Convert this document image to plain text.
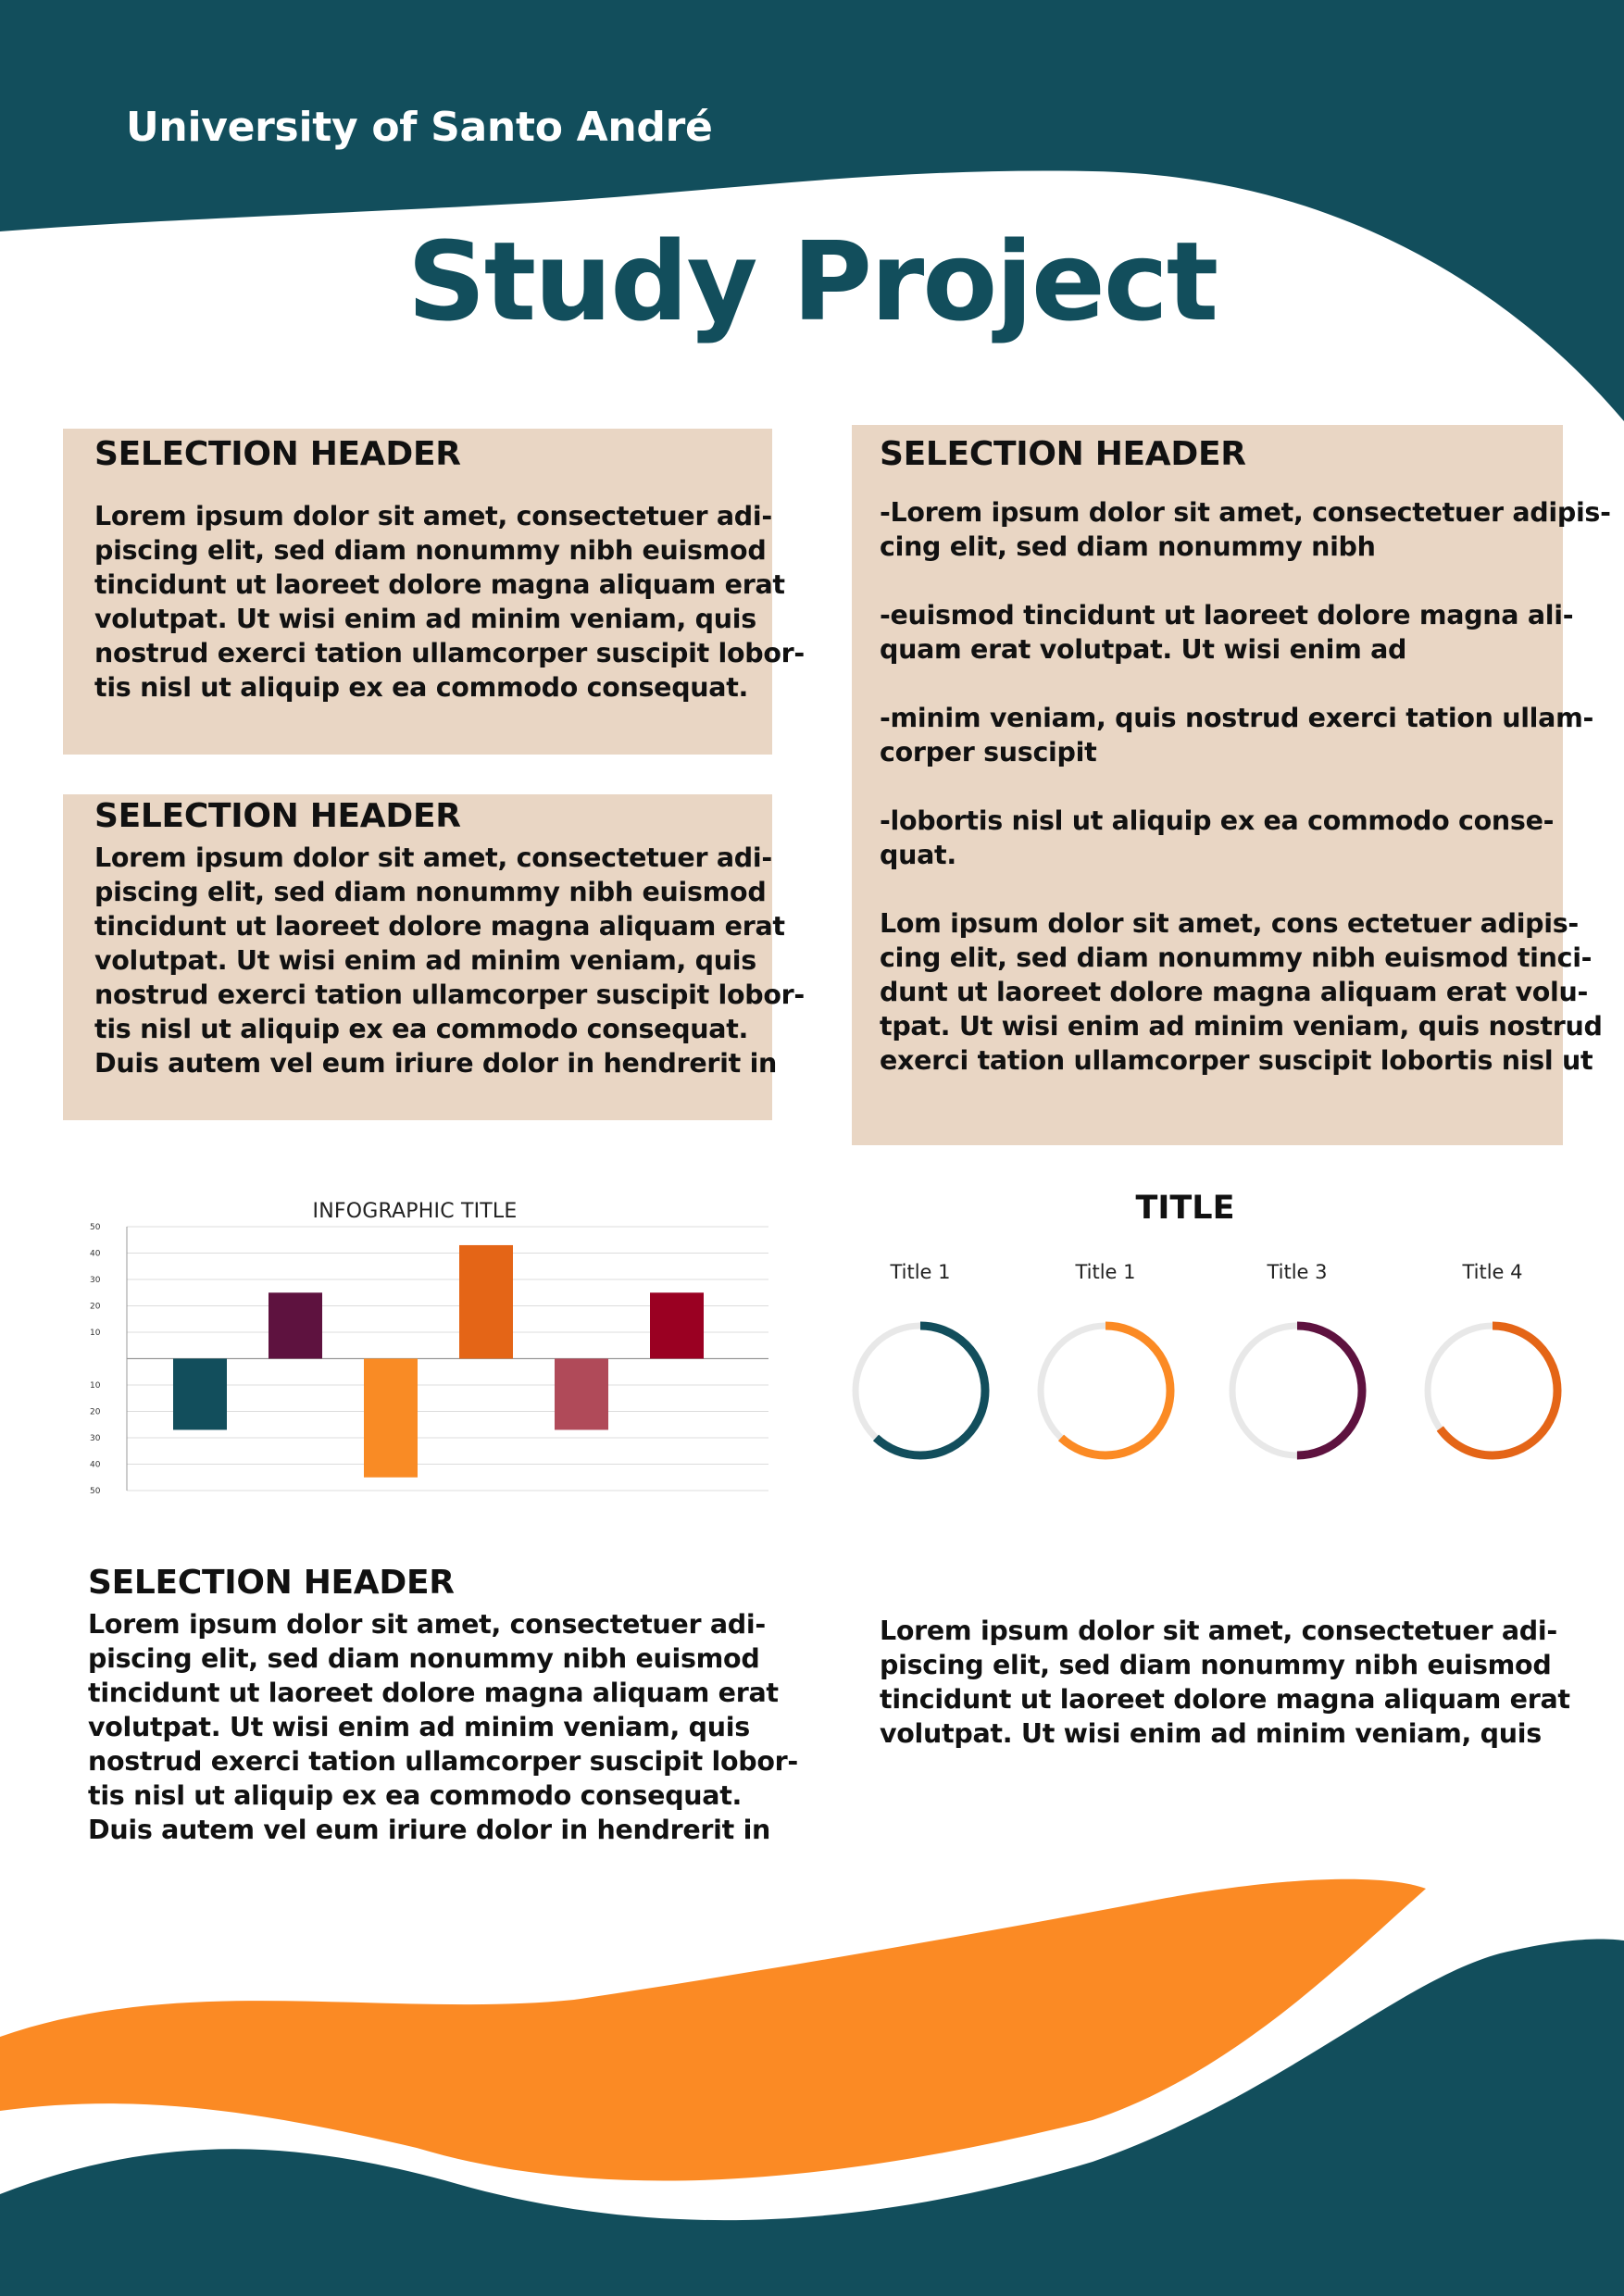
University of Santo André
Study Project
SELECTION HEADER
Lorem ipsum dolor sit amet, consectetuer adi-
piscing elit, sed diam nonummy nibh euismod
tincidunt ut laoreet dolore magna aliquam erat
volutpat. Ut wisi enim ad minim veniam, quis
nostrud exerci tation ullamcorper suscipit lobor-
tis nisl ut aliquip ex ea commodo consequat.
SELECTION HEADER
Lorem ipsum dolor sit amet, consectetuer adi-
piscing elit, sed diam nonummy nibh euismod
tincidunt ut laoreet dolore magna aliquam erat
volutpat. Ut wisi enim ad minim veniam, quis
nostrud exerci tation ullamcorper suscipit lobor-
tis nisl ut aliquip ex ea commodo consequat.
Duis autem vel eum iriure dolor in hendrerit in
SELECTION HEADER
-Lorem ipsum dolor sit amet, consectetuer adipis-
cing elit, sed diam nonummy nibh
-euismod tincidunt ut laoreet dolore magna ali-
quam erat volutpat. Ut wisi enim ad
-minim veniam, quis nostrud exerci tation ullam-
corper suscipit
-lobortis nisl ut aliquip ex ea commodo conse-
quat.
Lom ipsum dolor sit amet, cons ectetuer adipis-
cing elit, sed diam nonummy nibh euismod tinci-
dunt ut laoreet dolore magna aliquam erat volu-
tpat. Ut wisi enim ad minim veniam, quis nostrud
exerci tation ullamcorper suscipit lobortis nisl ut
INFOGRAPHIC TITLE
50
40
30
20
10
10
20
30
40
50
TITLE
Title 1	Title 1	Title 3	Title 4
SELECTION HEADER
Lorem ipsum dolor sit amet, consectetuer adi-
piscing elit, sed diam nonummy nibh euismod
tincidunt ut laoreet dolore magna aliquam erat
volutpat. Ut wisi enim ad minim veniam, quis
nostrud exerci tation ullamcorper suscipit lobor-
tis nisl ut aliquip ex ea commodo consequat.
Duis autem vel eum iriure dolor in hendrerit in
Lorem ipsum dolor sit amet, consectetuer adi-
piscing elit, sed diam nonummy nibh euismod
tincidunt ut laoreet dolore magna aliquam erat
volutpat. Ut wisi enim ad minim veniam, quis
